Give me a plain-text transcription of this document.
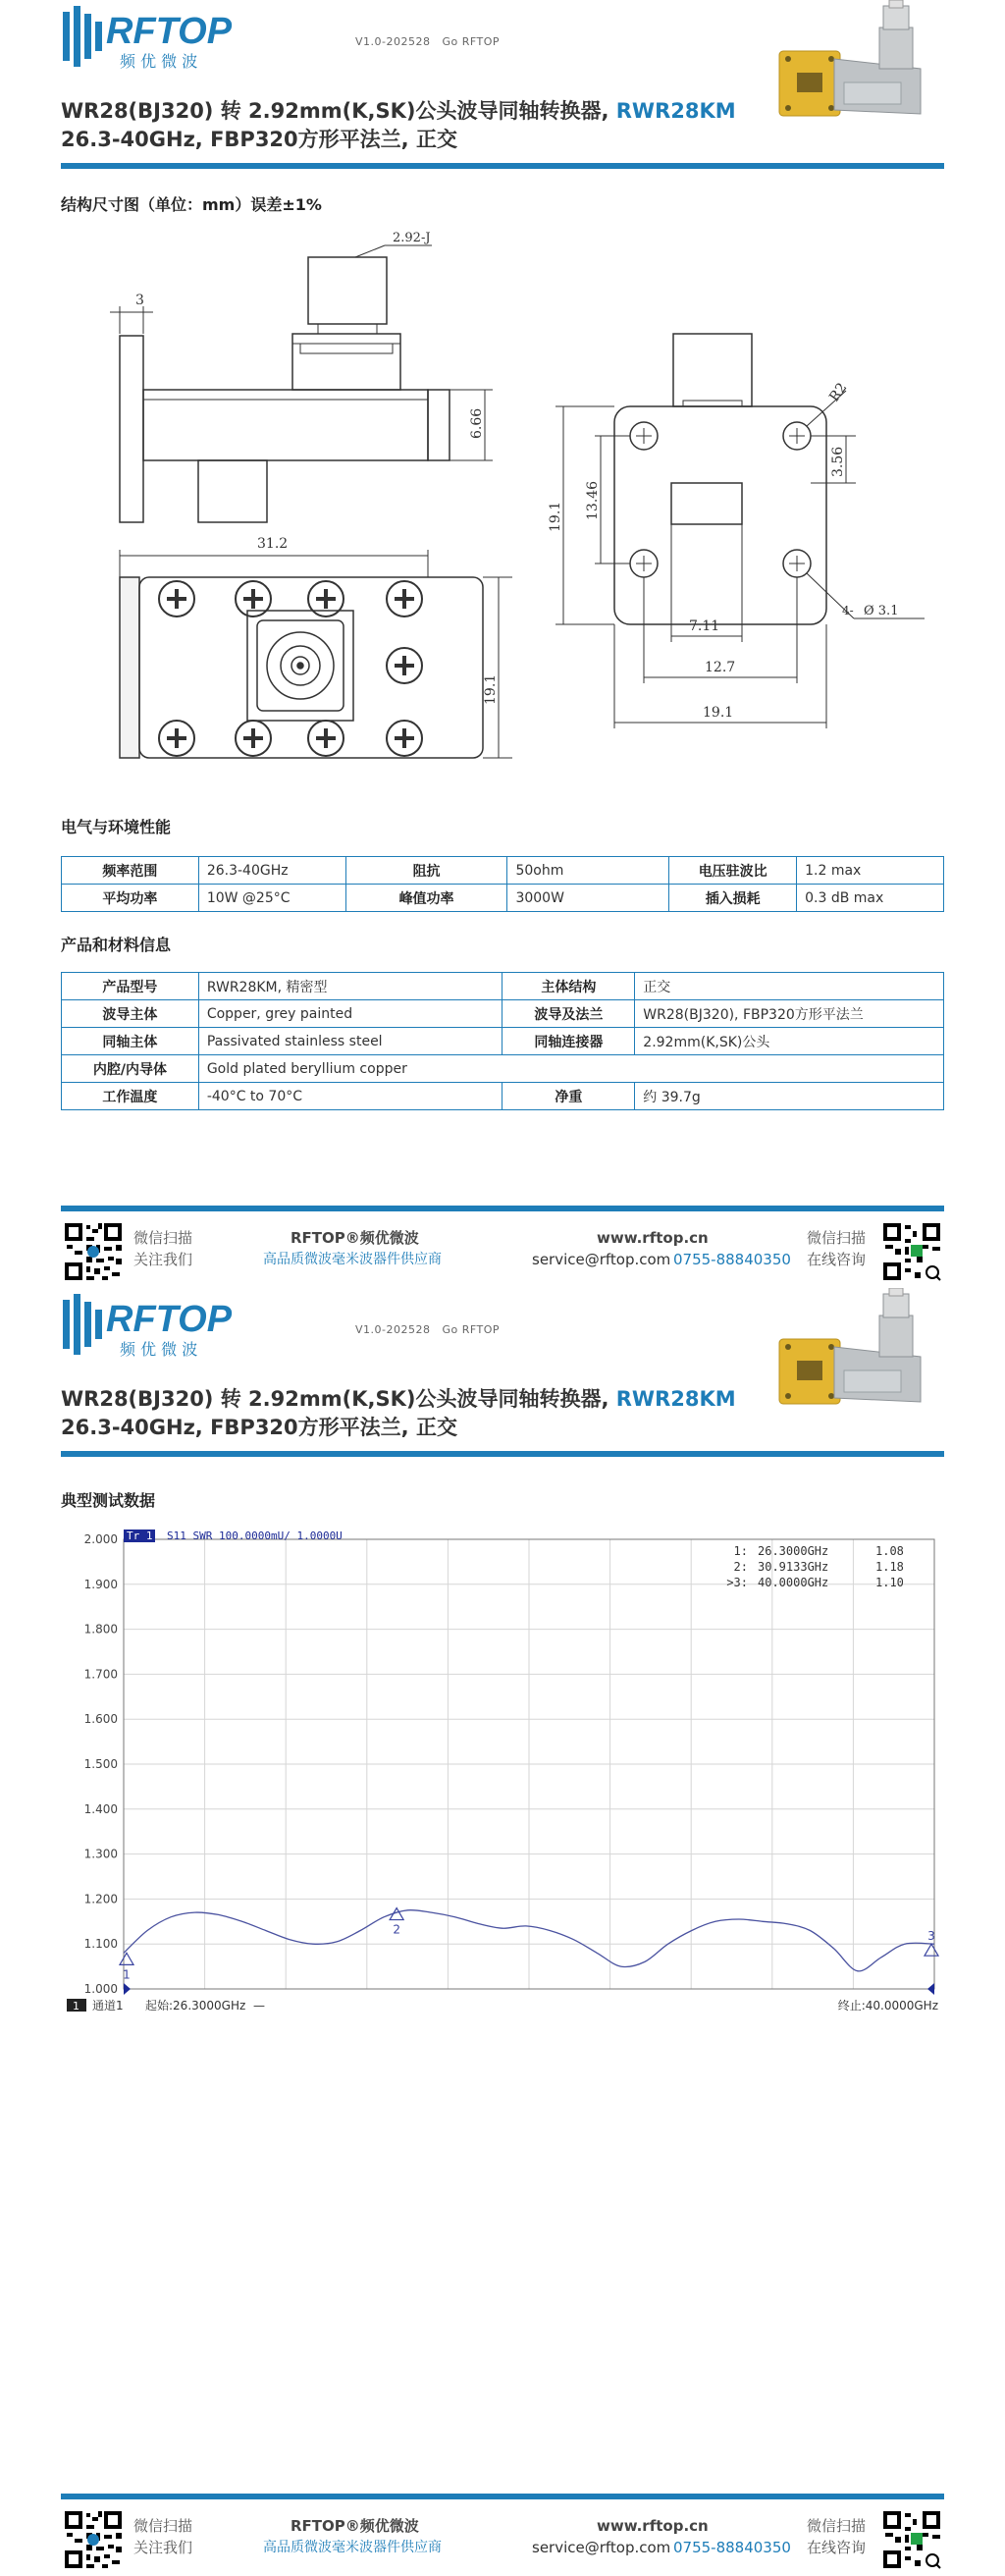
RFTOP
频 优 微 波
V1.0-202528 Go RFTOP
WR28(BJ320) 转 2.92mm(K,SK)公头波导同轴转换器, RWR28KM
26.3-40GHz, FBP320方形平法兰, 正交
结构尺寸图（单位：mm）误差±1%
3
2.92-J
6.66
31.2
19.1
19.1 13.46
3.56
R2
4- Ø 3.1
7.11
12.7
19.1
电气与环境性能
频率范围	26.3-40GHz	阻抗	50ohm	电压驻波比	1.2 max
平均功率	10W @25°C	峰值功率	3000W	插入损耗	0.3 dB max
产品和材料信息
产品型号	RWR28KM, 精密型	主体结构	正交
波导主体	Copper, grey painted	波导及法兰	WR28(BJ320), FBP320方形平法兰
同轴主体	Passivated stainless steel	同轴连接器	2.92mm(K,SK)公头
内腔/内导体	Gold plated beryllium copper		
工作温度	-40°C to 70°C	净重	约 39.7g
微信扫描
关注我们
RFTOP®频优微波
高品质微波毫米波器件供应商
www.rftop.cn
service@rftop.com 0755-88840350
微信扫描
在线咨询
RFTOP
频 优 微 波
V1.0-202528 Go RFTOP
WR28(BJ320) 转 2.92mm(K,SK)公头波导同轴转换器, RWR28KM
26.3-40GHz, FBP320方形平法兰, 正交
典型测试数据
2.000
1.900
1.800
1.700
1.600
1.500
1.400
1.300
1.200
1.100
1.000
Tr 1 S11 SWR 100.0000mU/ 1.0000U
1: 26.3000GHz	1.08
2: 30.9133GHz	1.18
>3: 40.0000GHz	1.10
1
2	3
1 通道1 起始:26.3000GHz —	终止:40.0000GHz
微信扫描
关注我们
RFTOP®频优微波
高品质微波毫米波器件供应商
www.rftop.cn
service@rftop.com 0755-88840350
微信扫描
在线咨询
